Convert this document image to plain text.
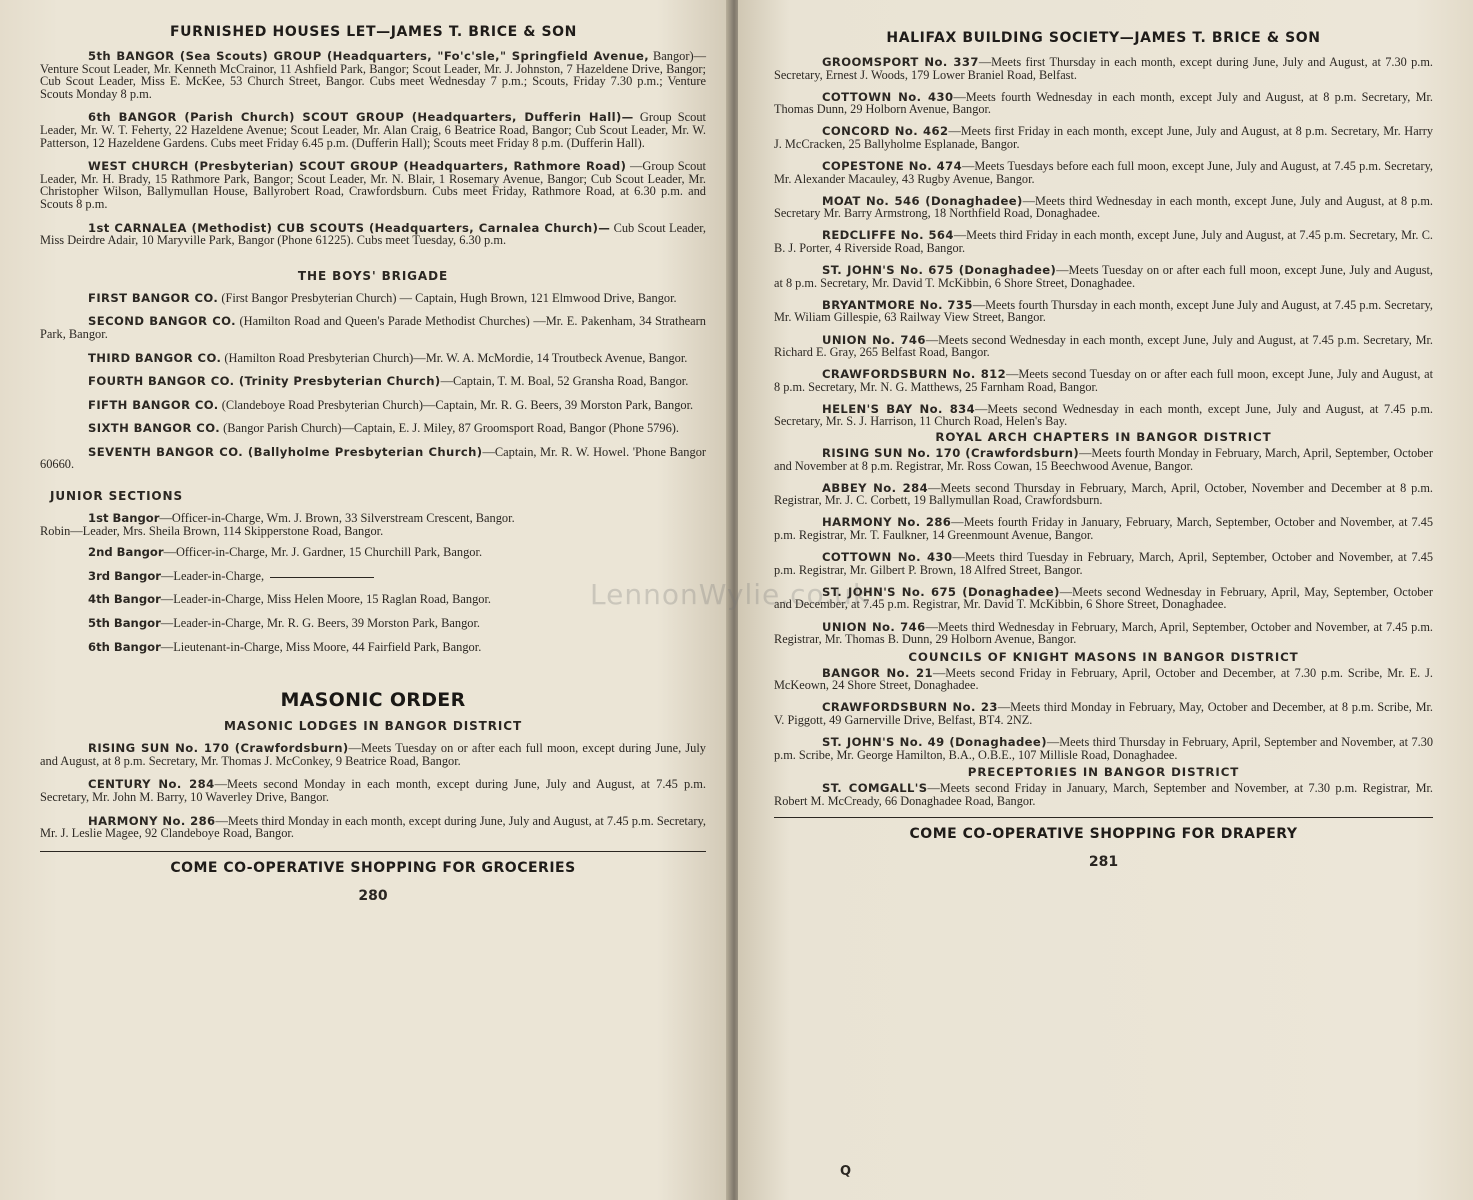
FURNISHED HOUSES LET—JAMES T. BRICE & SON

5th BANGOR (Sea Scouts) GROUP (Headquarters, "Fo'c'sle," Springfield Avenue, Bangor)—Venture Scout Leader, Mr. Kenneth McCrainor, 11 Ashfield Park, Bangor; Scout Leader, Mr. J. Johnston, 7 Hazeldene Drive, Bangor; Cub Scout Leader, Miss E. McKee, 53 Church Street, Bangor. Cubs meet Wednesday 7 p.m.; Scouts, Friday 7.30 p.m.; Venture Scouts Monday 8 p.m.

6th BANGOR (Parish Church) SCOUT GROUP (Headquarters, Dufferin Hall)— Group Scout Leader, Mr. W. T. Feherty, 22 Hazeldene Avenue; Scout Leader, Mr. Alan Craig, 6 Beatrice Road, Bangor; Cub Scout Leader, Mr. W. Patterson, 12 Hazeldene Gardens. Cubs meet Friday 6.45 p.m. (Dufferin Hall); Scouts meet Friday 8 p.m. (Dufferin Hall).

WEST CHURCH (Presbyterian) SCOUT GROUP (Headquarters, Rathmore Road) —Group Scout Leader, Mr. H. Brady, 15 Rathmore Park, Bangor; Scout Leader, Mr. N. Blair, 1 Rosemary Avenue, Bangor; Cub Scout Leader, Mr. Christopher Wilson, Ballymullan House, Ballyrobert Road, Crawfordsburn. Cubs meet Friday, Rathmore Road, at 6.30 p.m. and Scouts 8 p.m.

1st CARNALEA (Methodist) CUB SCOUTS (Headquarters, Carnalea Church)— Cub Scout Leader, Miss Deirdre Adair, 10 Maryville Park, Bangor (Phone 61225). Cubs meet Tuesday, 6.30 p.m.

THE BOYS' BRIGADE

FIRST BANGOR CO. (First Bangor Presbyterian Church) — Captain, Hugh Brown, 121 Elmwood Drive, Bangor.

SECOND BANGOR CO. (Hamilton Road and Queen's Parade Methodist Churches) —Mr. E. Pakenham, 34 Strathearn Park, Bangor.

THIRD BANGOR CO. (Hamilton Road Presbyterian Church)—Mr. W. A. McMordie, 14 Troutbeck Avenue, Bangor.

FOURTH BANGOR CO. (Trinity Presbyterian Church)—Captain, T. M. Boal, 52 Gransha Road, Bangor.

FIFTH BANGOR CO. (Clandeboye Road Presbyterian Church)—Captain, Mr. R. G. Beers, 39 Morston Park, Bangor.

SIXTH BANGOR CO. (Bangor Parish Church)—Captain, E. J. Miley, 87 Groomsport Road, Bangor (Phone 5796).

SEVENTH BANGOR CO. (Ballyholme Presbyterian Church)—Captain, Mr. R. W. Howel. 'Phone Bangor 60660.

JUNIOR SECTIONS

1st Bangor—Officer-in-Charge, Wm. J. Brown, 33 Silverstream Crescent, Bangor.
Robin—Leader, Mrs. Sheila Brown, 114 Skipperstone Road, Bangor.

2nd Bangor—Officer-in-Charge, Mr. J. Gardner, 15 Churchill Park, Bangor.

3rd Bangor—Leader-in-Charge,

4th Bangor—Leader-in-Charge, Miss Helen Moore, 15 Raglan Road, Bangor.

5th Bangor—Leader-in-Charge, Mr. R. G. Beers, 39 Morston Park, Bangor.

6th Bangor—Lieutenant-in-Charge, Miss Moore, 44 Fairfield Park, Bangor.

MASONIC ORDER
MASONIC LODGES IN BANGOR DISTRICT

RISING SUN No. 170 (Crawfordsburn)—Meets Tuesday on or after each full moon, except during June, July and August, at 8 p.m. Secretary, Mr. Thomas J. McConkey, 9 Beatrice Road, Bangor.

CENTURY No. 284—Meets second Monday in each month, except during June, July and August, at 7.45 p.m. Secretary, Mr. John M. Barry, 10 Waverley Drive, Bangor.

HARMONY No. 286—Meets third Monday in each month, except during June, July and August, at 7.45 p.m. Secretary, Mr. J. Leslie Magee, 92 Clandeboye Road, Bangor.

COME CO-OPERATIVE SHOPPING FOR GROCERIES
280
HALIFAX BUILDING SOCIETY—JAMES T. BRICE & SON

GROOMSPORT No. 337—Meets first Thursday in each month, except during June, July and August, at 7.30 p.m. Secretary, Ernest J. Woods, 179 Lower Braniel Road, Belfast.

COTTOWN No. 430—Meets fourth Wednesday in each month, except July and August, at 8 p.m. Secretary, Mr. Thomas Dunn, 29 Holborn Avenue, Bangor.

CONCORD No. 462—Meets first Friday in each month, except June, July and August, at 8 p.m. Secretary, Mr. Harry J. McCracken, 25 Ballyholme Esplanade, Bangor.

COPESTONE No. 474—Meets Tuesdays before each full moon, except June, July and August, at 7.45 p.m. Secretary, Mr. Alexander Macauley, 43 Rugby Avenue, Bangor.

MOAT No. 546 (Donaghadee)—Meets third Wednesday in each month, except June, July and August, at 8 p.m. Secretary Mr. Barry Armstrong, 18 Northfield Road, Donaghadee.

REDCLIFFE No. 564—Meets third Friday in each month, except June, July and August, at 7.45 p.m. Secretary, Mr. C. B. J. Porter, 4 Riverside Road, Bangor.

ST. JOHN'S No. 675 (Donaghadee)—Meets Tuesday on or after each full moon, except June, July and August, at 8 p.m. Secretary, Mr. David T. McKibbin, 6 Shore Street, Donaghadee.

BRYANTMORE No. 735—Meets fourth Thursday in each month, except June July and August, at 7.45 p.m. Secretary, Mr. Wiliam Gillespie, 63 Railway View Street, Bangor.

UNION No. 746—Meets second Wednesday in each month, except June, July and August, at 7.45 p.m. Secretary, Mr. Richard E. Gray, 265 Belfast Road, Bangor.

CRAWFORDSBURN No. 812—Meets second Tuesday on or after each full moon, except June, July and August, at 8 p.m. Secretary, Mr. N. G. Matthews, 25 Farnham Road, Bangor.

HELEN'S BAY No. 834—Meets second Wednesday in each month, except June, July and August, at 7.45 p.m. Secretary, Mr. S. J. Harrison, 11 Church Road, Helen's Bay.

ROYAL ARCH CHAPTERS IN BANGOR DISTRICT

RISING SUN No. 170 (Crawfordsburn)—Meets fourth Monday in February, March, April, September, October and November at 8 p.m. Registrar, Mr. Ross Cowan, 15 Beechwood Avenue, Bangor.

ABBEY No. 284—Meets second Thursday in February, March, April, October, November and December at 8 p.m. Registrar, Mr. J. C. Corbett, 19 Ballymullan Road, Crawfordsburn.

HARMONY No. 286—Meets fourth Friday in January, February, March, September, October and November, at 7.45 p.m. Registrar, Mr. T. Faulkner, 14 Greenmount Avenue, Bangor.

COTTOWN No. 430—Meets third Tuesday in February, March, April, September, October and November, at 7.45 p.m. Registrar, Mr. Gilbert P. Brown, 18 Alfred Street, Bangor.

ST. JOHN'S No. 675 (Donaghadee)—Meets second Wednesday in February, April, May, September, October and December, at 7.45 p.m. Registrar, Mr. David T. McKibbin, 6 Shore Street, Donaghadee.

UNION No. 746—Meets third Wednesday in February, March, April, September, October and November, at 7.45 p.m. Registrar, Mr. Thomas B. Dunn, 29 Holborn Avenue, Bangor.

COUNCILS OF KNIGHT MASONS IN BANGOR DISTRICT

BANGOR No. 21—Meets second Friday in February, April, October and December, at 7.30 p.m. Scribe, Mr. E. J. McKeown, 24 Shore Street, Donaghadee.

CRAWFORDSBURN No. 23—Meets third Monday in February, May, October and December, at 8 p.m. Scribe, Mr. V. Piggott, 49 Garnerville Drive, Belfast, BT4. 2NZ.

ST. JOHN'S No. 49 (Donaghadee)—Meets third Thursday in February, April, September and November, at 7.30 p.m. Scribe, Mr. George Hamilton, B.A., O.B.E., 107 Millisle Road, Donaghadee.

PRECEPTORIES IN BANGOR DISTRICT

ST. COMGALL'S—Meets second Friday in January, March, September and November, at 7.30 p.m. Registrar, Mr. Robert M. McCready, 66 Donaghadee Road, Bangor.

COME CO-OPERATIVE SHOPPING FOR DRAPERY
281
Q
LennonWylie.co.uk
